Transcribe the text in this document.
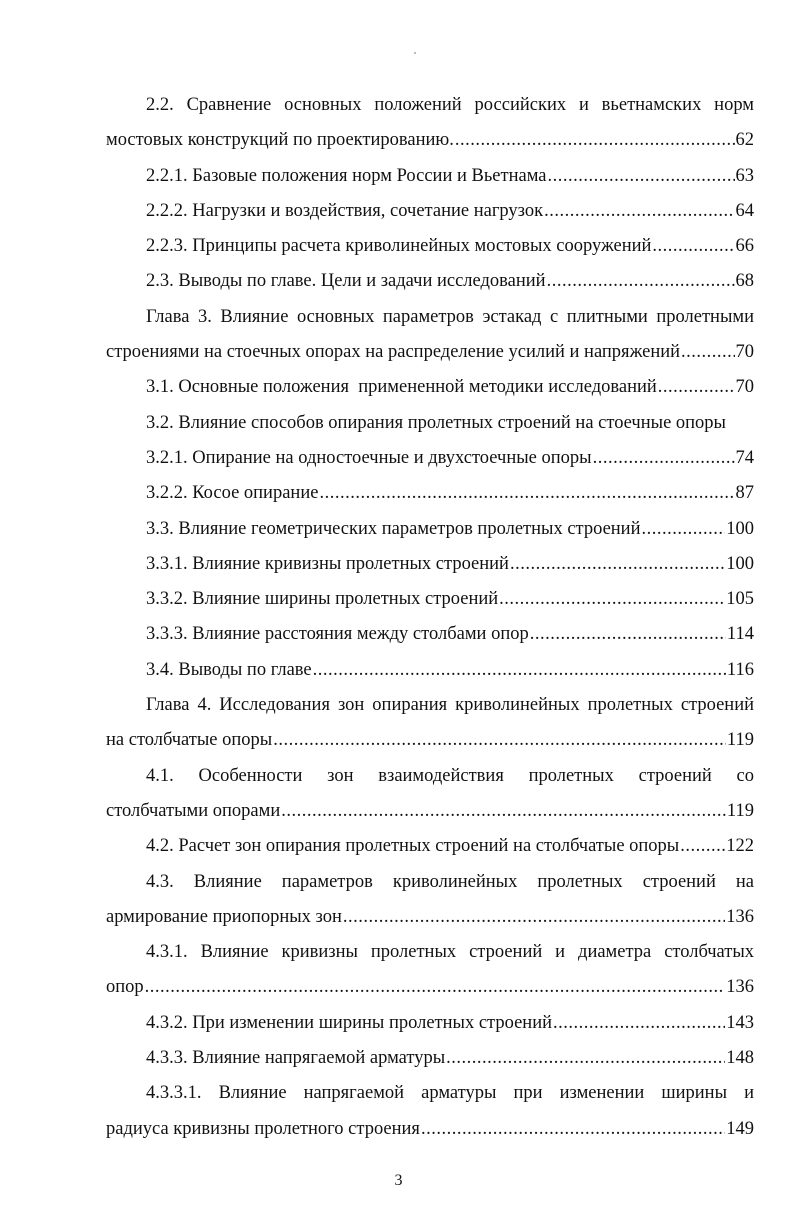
2.2. Сравнение основных положений российских и вьетнамских норм
мостовых конструкций по проектированию. .....	62
2.2.1. Базовые положения норм России и Вьетнама .....	63
2.2.2. Нагрузки и воздействия, сочетание нагрузок .....	64
2.2.3. Принципы расчета криволинейных мостовых сооружений .....	66
2.3. Выводы по главе. Цели и задачи исследований .....	68
Глава 3. Влияние основных параметров эстакад с плитными пролетными
строениями на стоечных опорах на распределение усилий и напряжений .....	70
3.1. Основные положения  примененной методики исследований .....	70
3.2. Влияние способов опирания пролетных строений на стоечные опоры
3.2.1. Опирание на одностоечные и двухстоечные опоры .....	74
3.2.2. Косое опирание .....	87
3.3. Влияние геометрических параметров пролетных строений .....	100
3.3.1. Влияние кривизны пролетных строений .....	100
3.3.2. Влияние ширины пролетных строений .....	105
3.3.3. Влияние расстояния между столбами опор .....	114
3.4. Выводы по главе .....	116
Глава 4. Исследования зон опирания криволинейных пролетных строений
на столбчатые опоры .....	119
4.1. Особенности зон взаимодействия пролетных строений со
столбчатыми опорами .....	119
4.2. Расчет зон опирания пролетных строений на столбчатые опоры .....	122
4.3. Влияние параметров криволинейных пролетных строений на
армирование приопорных зон .....	136
4.3.1. Влияние кривизны пролетных строений и диаметра столбчатых
опор .....	136
4.3.2. При изменении ширины пролетных строений .....	143
4.3.3. Влияние напрягаемой арматуры .....	148
4.3.3.1. Влияние напрягаемой арматуры при изменении ширины и
радиуса кривизны пролетного строения .....	149
3
